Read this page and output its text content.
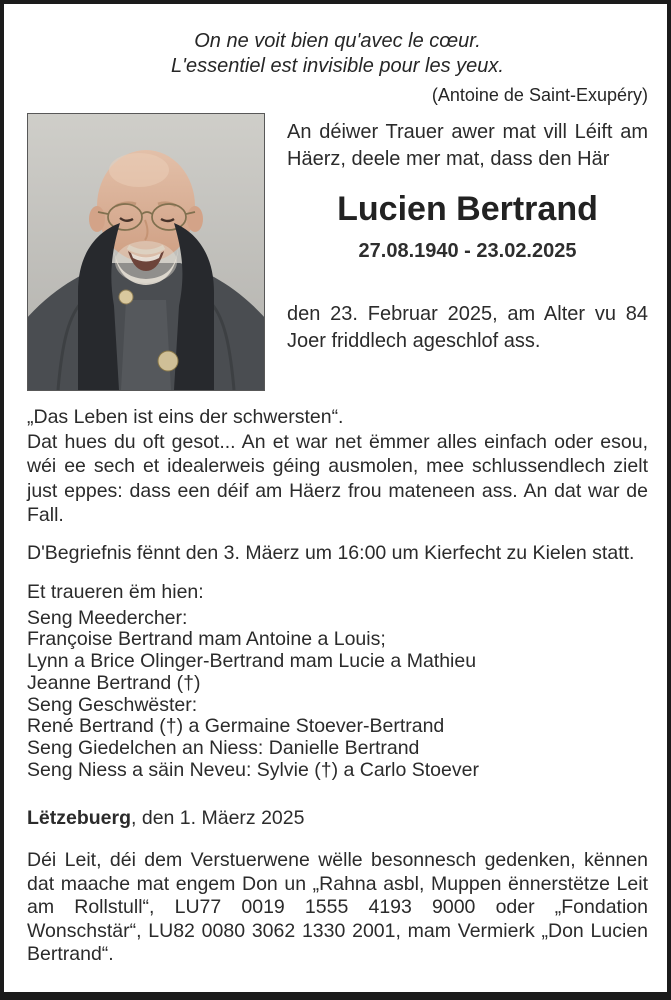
On ne voit bien qu'avec le cœur.
L'essentiel est invisible pour les yeux.
(Antoine de Saint-Exupéry)
An déiwer Trauer awer mat vill Léift am Häerz, deele mer mat, dass den Här
Lucien Bertrand
27.08.1940 - 23.02.2025
den 23. Februar 2025, am Alter vu 84 Joer friddlech ageschlof ass.
„Das Leben ist eins der schwersten“.
Dat hues du oft gesot... An et war net ëmmer alles einfach oder esou, wéi ee sech et idealerweis géing ausmolen, mee schlussendlech zielt just eppes: dass een déif am Häerz frou mateneen ass. An dat war de Fall.
D'Begriefnis fënnt den 3. Mäerz um 16:00 um Kierfecht zu Kielen statt.
Et traueren ëm hien:
Seng Meedercher:
Françoise Bertrand mam Antoine a Louis;
Lynn a Brice Olinger-Bertrand mam Lucie a Mathieu
Jeanne Bertrand (†)
Seng Geschwëster:
René Bertrand (†) a Germaine Stoever-Bertrand
Seng Giedelchen an Niess: Danielle Bertrand
Seng Niess a säin Neveu: Sylvie (†) a Carlo Stoever
Lëtzebuerg, den 1. Mäerz 2025
Déi Leit, déi dem Verstuerwene wëlle besonnesch gedenken, kënnen dat maache mat engem Don un „Rahna asbl, Muppen ënnerstëtze Leit am Rollstull“, LU77 0019 1555 4193 9000 oder „Fondation Wonschstär“, LU82 0080 3062 1330 2001, mam Vermierk „Don Lucien Bertrand“.
